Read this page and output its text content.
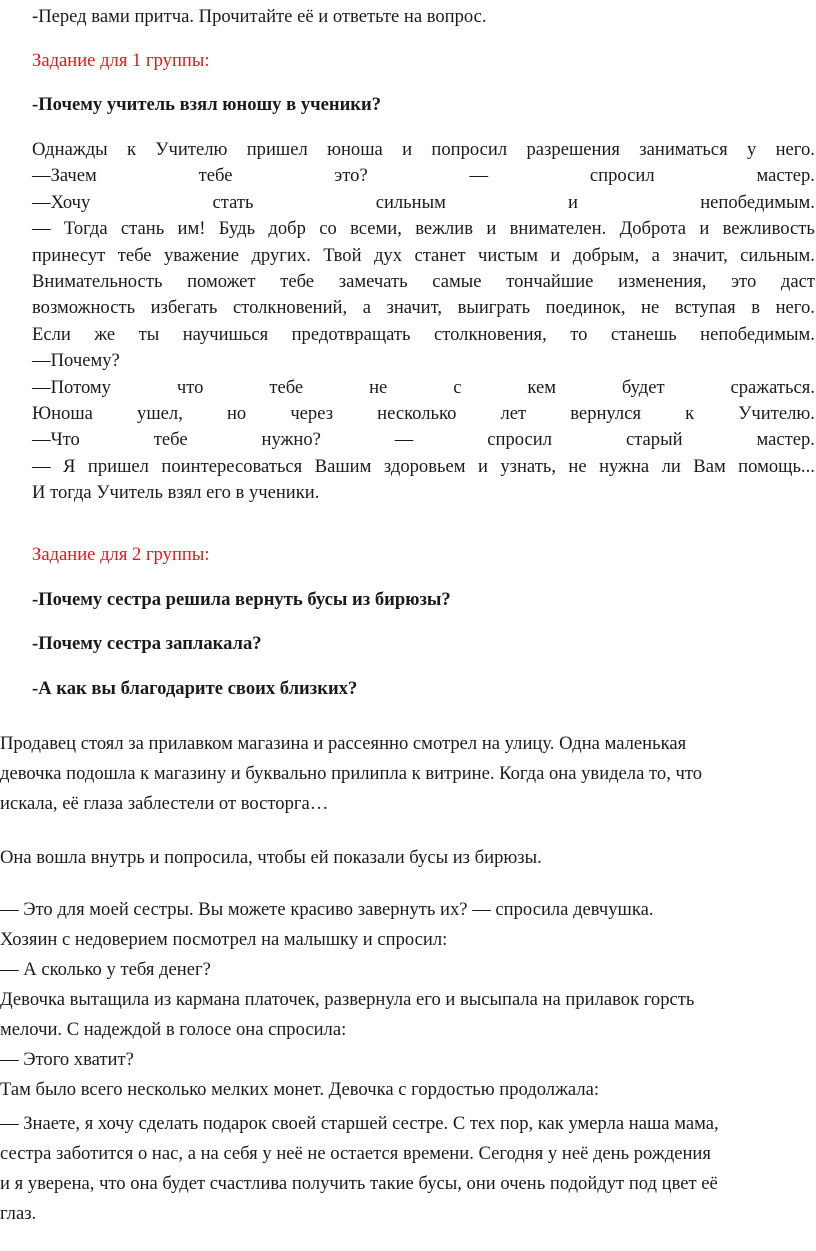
-Перед вами притча. Прочитайте её и ответьте на вопрос.

Задание для 1 группы:

-Почему учитель взял юношу в ученики?

Однажды к Учителю пришел юноша и попросил разрешения заниматься у него.

—Зачем	тебе	это?	—	спросил	мастер.

—Хочу	стать	сильным	и	непобедимым.

— Тогда стань им! Будь добр со всеми, вежлив и внимателен. Доброта и вежливость

принесут тебе уважение других. Твой дух станет чистым и добрым, а значит, сильным.

Внимательность поможет тебе замечать самые тончайшие изменения, это даст

возможность избегать столкновений, а значит, выиграть поединок, не вступая в него.

Если же ты научишься предотвращать столкновения, то станешь непобедимым.

—Почему?

—Потому	что	тебе	не	с	кем	будет	сражаться.

Юноша ушел, но через несколько лет вернулся к Учителю.

—Что	тебе	нужно?	—	спросил	старый	мастер.

— Я пришел поинтересоваться Вашим здоровьем и узнать, не нужна ли Вам помощь...

И тогда Учитель взял его в ученики.

Задание для 2 группы:

-Почему сестра решила вернуть бусы из бирюзы?

-Почему сестра заплакала?

-А как вы благодарите своих близких?

Продавец стоял за прилавком магазина и рассеянно смотрел на улицу. Одна маленькая

девочка подошла к магазину и буквально прилипла к витрине. Когда она увидела то, что

искала, её глаза заблестели от восторга…

Она вошла внутрь и попросила, чтобы ей показали бусы из бирюзы.

— Это для моей сестры. Вы можете красиво завернуть их? — спросила девчушка.

Хозяин с недоверием посмотрел на малышку и спросил:

— А сколько у тебя денег?

Девочка вытащила из кармана платочек, развернула его и высыпала на прилавок горсть

мелочи. С надеждой в голосе она спросила:

— Этого хватит?

Там было всего несколько мелких монет. Девочка с гордостью продолжала:

— Знаете, я хочу сделать подарок своей старшей сестре. С тех пор, как умерла наша мама,

сестра заботится о нас, а на себя у неё не остается времени. Сегодня у неё день рождения

и я уверена, что она будет счастлива получить такие бусы, они очень подойдут под цвет её

глаз.
